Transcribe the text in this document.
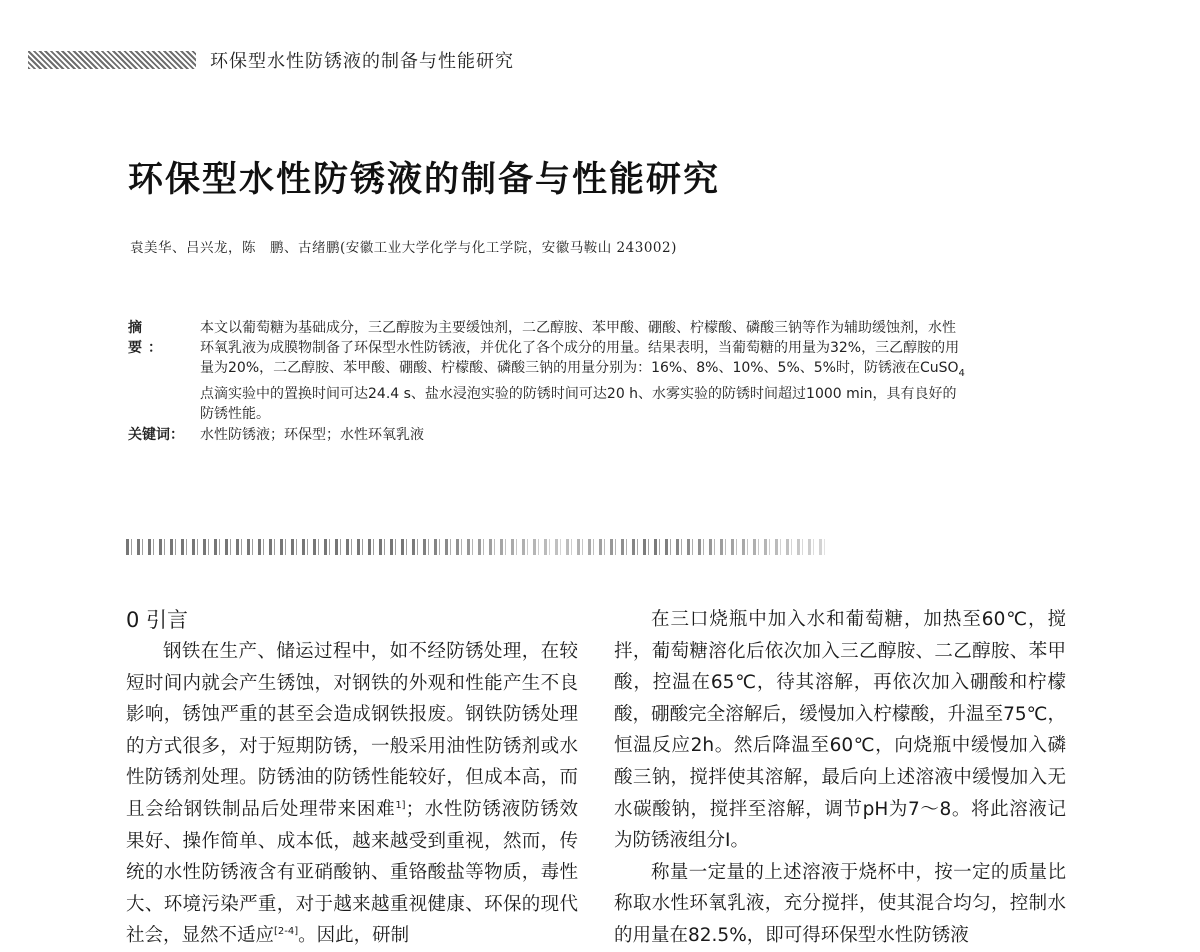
环保型水性防锈液的制备与性能研究
环保型水性防锈液的制备与性能研究
袁美华、吕兴龙，陈　鹏、古绪鹏(安徽工业大学化学与化工学院，安徽马鞍山 243002)
摘　要：
本文以葡萄糖为基础成分，三乙醇胺为主要缓蚀剂，二乙醇胺、苯甲酸、硼酸、柠檬酸、磷酸三钠等作为辅助缓蚀剂，水性环氧乳液为成膜物制备了环保型水性防锈液，并优化了各个成分的用量。结果表明，当葡萄糖的用量为32%，三乙醇胺的用量为20%，二乙醇胺、苯甲酸、硼酸、柠檬酸、磷酸三钠的用量分别为：16%、8%、10%、5%、5%时，防锈液在CuSO$_4$点滴实验中的置换时间可达24.4 s、盐水浸泡实验的防锈时间可达20 h、水雾实验的防锈时间超过1000 min，具有良好的防锈性能。
关键词：	水性防锈液；环保型；水性环氧乳液
0 引言

钢铁在生产、储运过程中，如不经防锈处理，在较短时间内就会产生锈蚀，对钢铁的外观和性能产生不良影响，锈蚀严重的甚至会造成钢铁报废。钢铁防锈处理的方式很多，对于短期防锈，一般采用油性防锈剂或水性防锈剂处理。防锈油的防锈性能较好，但成本高，而且会给钢铁制品后处理带来困难$^{1]}$；水性防锈液防锈效果好、操作简单、成本低，越来越受到重视，然而，传统的水性防锈液含有亚硝酸钠、重铬酸盐等物质，毒性大、环境污染严重，对于越来越重视健康、环保的现代社会，显然不适应[2-4]。因此，研制

在三口烧瓶中加入水和葡萄糖，加热至60℃，搅拌，葡萄糖溶化后依次加入三乙醇胺、二乙醇胺、苯甲酸，控温在65℃，待其溶解，再依次加入硼酸和柠檬酸，硼酸完全溶解后，缓慢加入柠檬酸，升温至75℃，恒温反应2h。然后降温至60℃，向烧瓶中缓慢加入磷酸三钠，搅拌使其溶解，最后向上述溶液中缓慢加入无水碳酸钠，搅拌至溶解，调节pH为7～8。将此溶液记为防锈液组分Ⅰ。

称量一定量的上述溶液于烧杯中，按一定的质量比称取水性环氧乳液，充分搅拌，使其混合均匀，控制水的用量在82.5%，即可得环保型水性防锈液
